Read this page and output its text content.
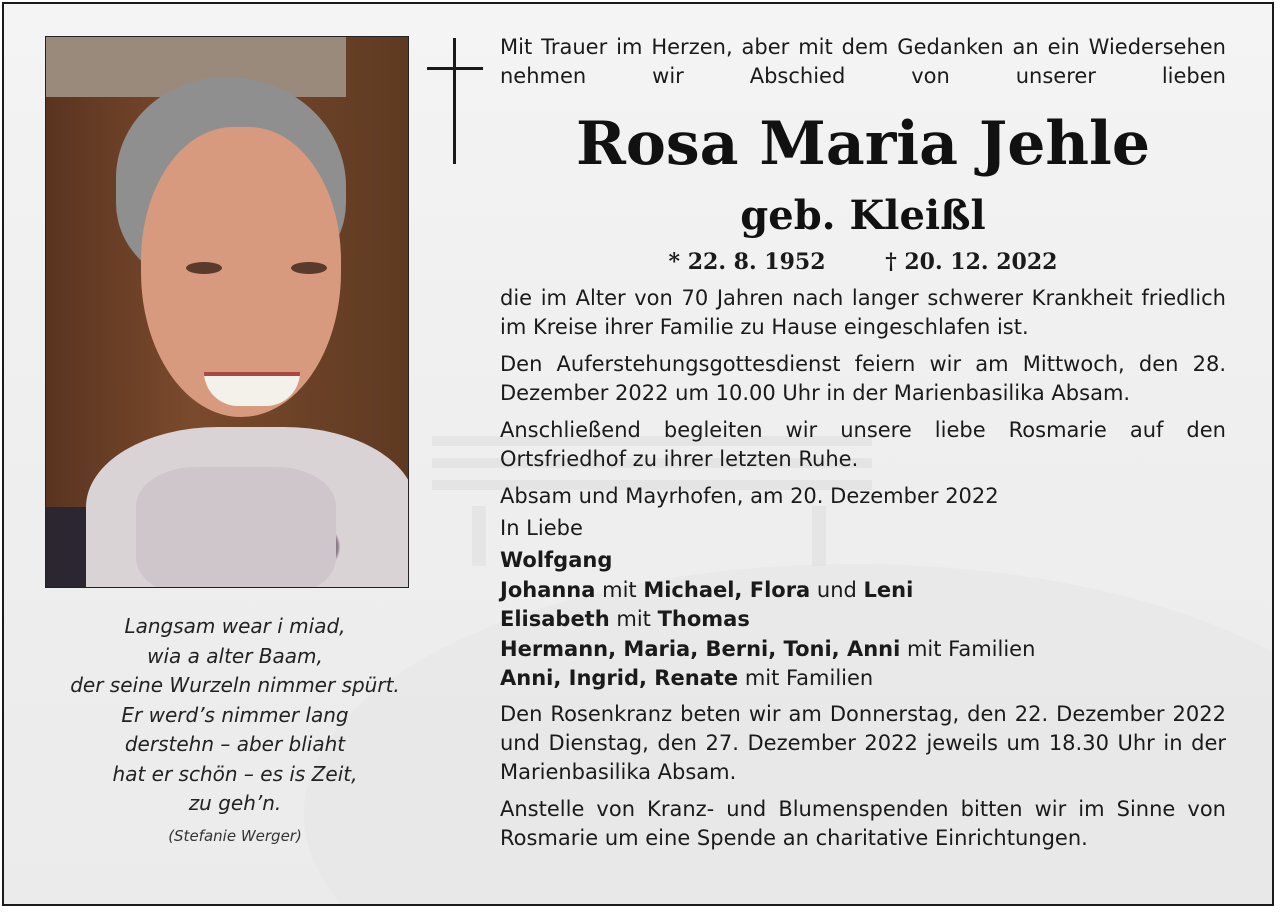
Mit Trauer im Herzen, aber mit dem Gedanken an ein Wiedersehen nehmen wir Abschied von unserer lieben
Rosa Maria Jehle
geb. Kleißl
* 22. 8. 1952	† 20. 12. 2022

die im Alter von 70 Jahren nach langer schwerer Krankheit friedlich im Kreise ihrer Familie zu Hause eingeschlafen ist.

Den Auferstehungsgottesdienst feiern wir am Mittwoch, den 28. Dezember 2022 um 10.00 Uhr in der Marienbasilika Absam.

Anschließend begleiten wir unsere liebe Rosmarie auf den Ortsfriedhof zu ihrer letzten Ruhe.

Absam und Mayrhofen, am 20. Dezember 2022

In Liebe

Wolfgang

Johanna mit Michael, Flora und Leni

Elisabeth mit Thomas

Hermann, Maria, Berni, Toni, Anni mit Familien

Anni, Ingrid, Renate mit Familien

Den Rosenkranz beten wir am Donnerstag, den 22. Dezember 2022 und Dienstag, den 27. Dezember 2022 jeweils um 18.30 Uhr in der Marienbasilika Absam.

Anstelle von Kranz- und Blumenspenden bitten wir im Sinne von Rosmarie um eine Spende an charitative Einrichtungen.

Langsam wear i miad,
wia a alter Baam,
der seine Wurzeln nimmer spürt.
Er werd’s nimmer lang
derstehn – aber bliaht
hat er schön – es is Zeit,
zu geh’n.
(Stefanie Werger)
